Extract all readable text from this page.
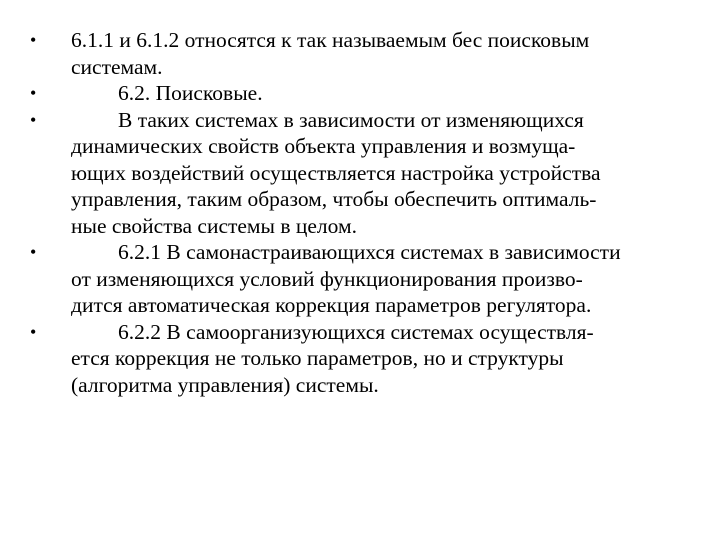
• 6.1.1 и 6.1.2 относятся к так называемым бес поисковым
системам.
• 6.2. Поисковые.
• В таких системах в зависимости от изменяющихся
динамических свойств объекта управления и возмуща-
ющих воздействий осуществляется настройка устройства
управления, таким образом, чтобы обеспечить оптималь-
ные свойства системы в целом.
• 6.2.1 В самонастраивающихся системах в зависимости
от изменяющихся условий функционирования произво-
дится автоматическая коррекция параметров регулятора.
• 6.2.2 В самоорганизующихся системах осуществля-
ется коррекция не только параметров, но и структуры
(алгоритма управления) системы.
